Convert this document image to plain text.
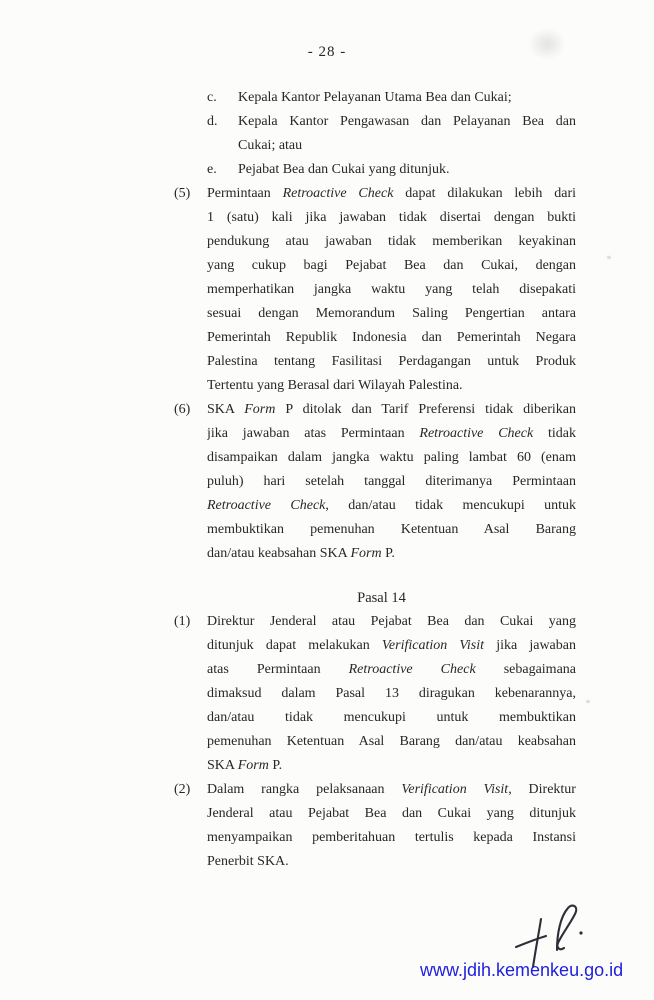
- 28 -
c. Kepala Kantor Pelayanan Utama Bea dan Cukai;
d. Kepala Kantor Pengawasan dan Pelayanan Bea dan
Cukai; atau
e. Pejabat Bea dan Cukai yang ditunjuk.
(5) Permintaan Retroactive Check dapat dilakukan lebih dari
1 (satu) kali jika jawaban tidak disertai dengan bukti
pendukung atau jawaban tidak memberikan keyakinan
yang cukup bagi Pejabat Bea dan Cukai, dengan
memperhatikan jangka waktu yang telah disepakati
sesuai dengan Memorandum Saling Pengertian antara
Pemerintah Republik Indonesia dan Pemerintah Negara
Palestina tentang Fasilitasi Perdagangan untuk Produk
Tertentu yang Berasal dari Wilayah Palestina.
(6) SKA Form P ditolak dan Tarif Preferensi tidak diberikan
jika jawaban atas Permintaan Retroactive Check tidak
disampaikan dalam jangka waktu paling lambat 60 (enam
puluh) hari setelah tanggal diterimanya Permintaan
Retroactive Check, dan/atau tidak mencukupi untuk
membuktikan pemenuhan Ketentuan Asal Barang
dan/atau keabsahan SKA Form P.
Pasal 14
(1) Direktur Jenderal atau Pejabat Bea dan Cukai yang
ditunjuk dapat melakukan Verification Visit jika jawaban
atas Permintaan Retroactive Check sebagaimana
dimaksud dalam Pasal 13 diragukan kebenarannya,
dan/atau tidak mencukupi untuk membuktikan
pemenuhan Ketentuan Asal Barang dan/atau keabsahan
SKA Form P.
(2) Dalam rangka pelaksanaan Verification Visit, Direktur
Jenderal atau Pejabat Bea dan Cukai yang ditunjuk
menyampaikan pemberitahuan tertulis kepada Instansi
Penerbit SKA.
www.jdih.kemenkeu.go.id
